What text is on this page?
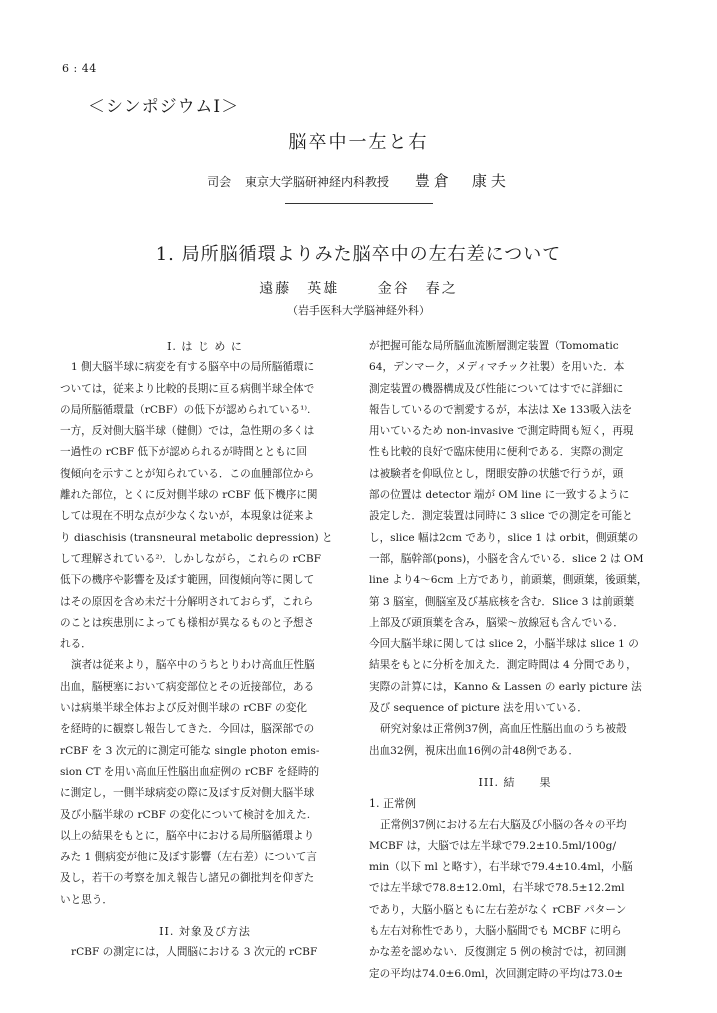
6 : 44
＜シンポジウムI＞
脳卒中一左と右
司会 東京大学脳研神経内科教授 豊倉　康夫
1. 局所脳循環よりみた脳卒中の左右差について
遠藤　英雄	金谷　春之
（岩手医科大学脳神経外科）
I. は じ め に
1 側大脳半球に病変を有する脳卒中の局所脳循環に
ついては，従来より比較的長期に亘る病側半球全体で
の局所脳循環量（rCBF）の低下が認められている¹⁾.
一方，反対側大脳半球（健側）では，急性期の多くは
一過性の rCBF 低下が認められるが時間とともに回
復傾向を示すことが知られている．この血腫部位から
離れた部位，とくに反対側半球の rCBF 低下機序に関
しては現在不明な点が少なくないが，本現象は従来よ
り diaschisis (transneural metabolic depression) と
して理解されている²⁾．しかしながら，これらの rCBF
低下の機序や影響を及ぼす範囲，回復傾向等に関して
はその原因を含め未だ十分解明されておらず，これら
のことは疾患別によっても様相が異なるものと予想さ
れる．
演者は従来より，脳卒中のうちとりわけ高血圧性脳
出血，脳梗塞において病変部位とその近接部位，ある
いは病巣半球全体および反対側半球の rCBF の変化
を経時的に観察し報告してきた．今回は，脳深部での
rCBF を 3 次元的に測定可能な single photon emis-
sion CT を用い高血圧性脳出血症例の rCBF を経時的
に測定し，一側半球病変の際に及ぼす反対側大脳半球
及び小脳半球の rCBF の変化について検討を加えた.
以上の結果をもとに，脳卒中における局所脳循環より
みた 1 側病変が他に及ぼす影響（左右差）について言
及し，若干の考察を加え報告し諸兄の御批判を仰ぎた
いと思う．
II. 対象及び方法
rCBF の測定には，人間脳における 3 次元的 rCBF
が把握可能な局所脳血流断層測定装置（Tomomatic
64，デンマーク，メディマチック社製）を用いた．本
測定装置の機器構成及び性能についてはすでに詳細に
報告しているので割愛するが，本法は Xe 133吸入法を
用いているため non-invasive で測定時間も短く，再現
性も比較的良好で臨床使用に便利である．実際の測定
は被験者を仰臥位とし，閉眼安静の状態で行うが，頭
部の位置は detector 端が OM line に一致するように
設定した．測定装置は同時に 3 slice での測定を可能と
し，slice 幅は2cm であり，slice 1 は orbit，側頭葉の
一部，脳幹部(pons)，小脳を含んでいる．slice 2 は OM
line より4〜6cm 上方であり，前頭葉，側頭葉，後頭葉，
第 3 脳室，側脳室及び基底核を含む．Slice 3 は前頭葉
上部及び頭頂葉を含み，脳梁〜放線冠も含んでいる．
今回大脳半球に関しては slice 2，小脳半球は slice 1 の
結果をもとに分析を加えた．測定時間は 4 分間であり，
実際の計算には，Kanno & Lassen の early picture 法
及び sequence of picture 法を用いている．
研究対象は正常例37例，高血圧性脳出血のうち被殻
出血32例，視床出血16例の計48例である．
III. 結　　果
1. 正常例
正常例37例における左右大脳及び小脳の各々の平均
MCBF は，大脳では左半球で79.2±10.5ml/100g/
min（以下 ml と略す），右半球で79.4±10.4ml，小脳
では左半球で78.8±12.0ml，右半球で78.5±12.2ml
であり，大脳小脳ともに左右差がなく rCBF パターン
も左右対称性であり，大脳小脳間でも MCBF に明ら
かな差を認めない．反復測定 5 例の検討では，初回測
定の平均は74.0±6.0ml，次回測定時の平均は73.0±
